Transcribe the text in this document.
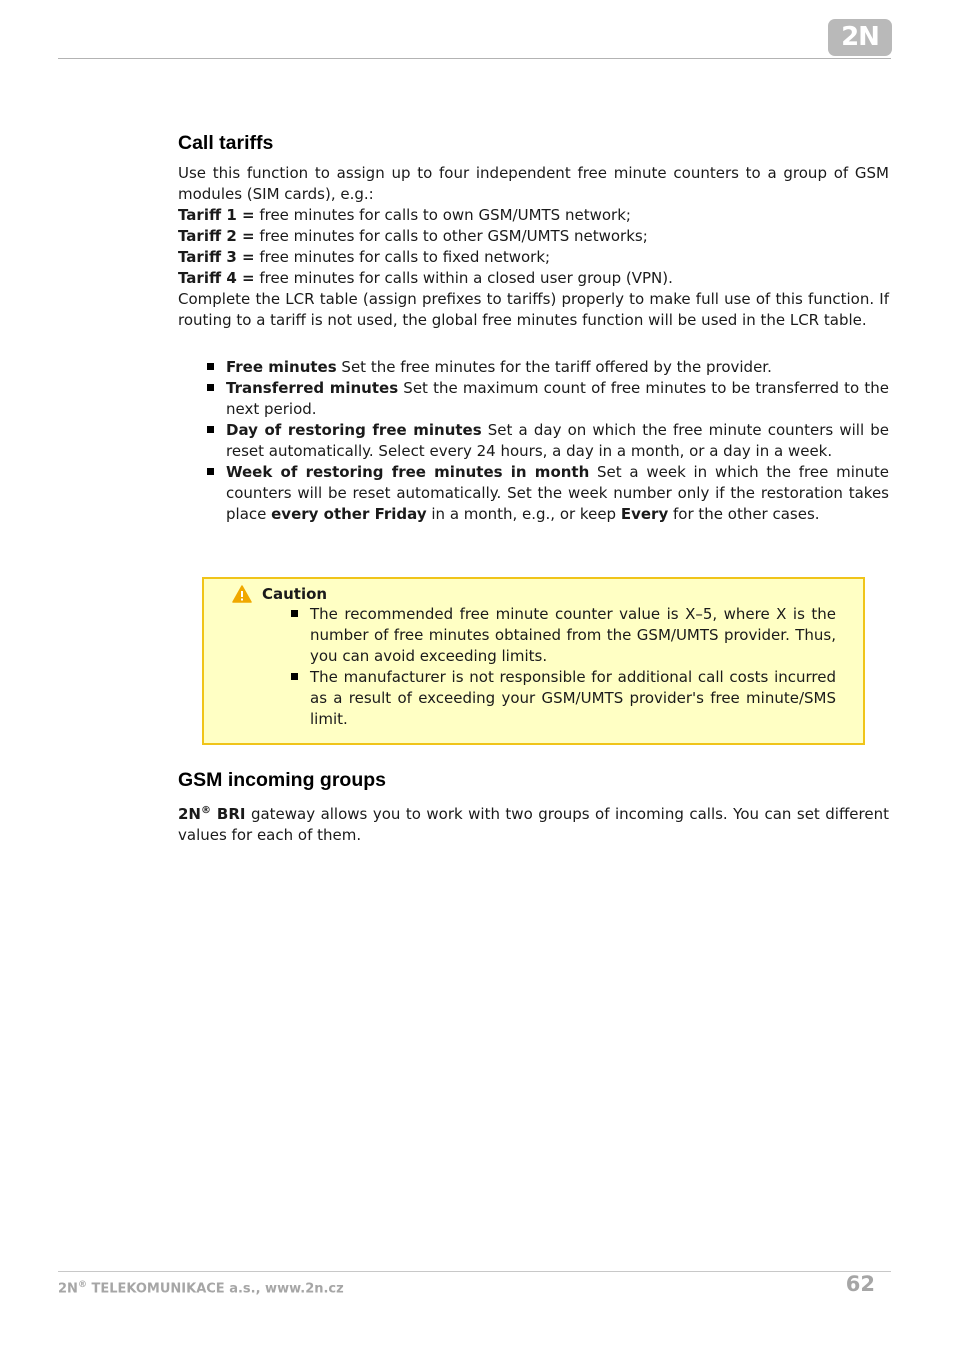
2N
Call tariffs

Use this function to assign up to four independent free minute counters to a group of GSM modules (SIM cards), e.g.:

Tariff 1 = free minutes for calls to own GSM/UMTS network;
Tariff 2 = free minutes for calls to other GSM/UMTS networks;
Tariff 3 = free minutes for calls to fixed network;
Tariff 4 = free minutes for calls within a closed user group (VPN).

Complete the LCR table (assign prefixes to tariffs) properly to make full use of this function. If routing to a tariff is not used, the global free minutes function will be used in the LCR table.

Free minutes Set the free minutes for the tariff offered by the provider.
Transferred minutes Set the maximum count of free minutes to be transferred to the next period.
Day of restoring free minutes Set a day on which the free minute counters will be reset automatically. Select every 24 hours, a day in a month, or a day in a week.
Week of restoring free minutes in month Set a week in which the free minute counters will be reset automatically. Set the week number only if the restoration takes place every other Friday in a month, e.g., or keep Every for the other cases.
GSM incoming groups

2N® BRI gateway allows you to work with two groups of incoming calls. You can set different values for each of them.

Caution
The recommended free minute counter value is X–5, where X is the number of free minutes obtained from the GSM/UMTS provider. Thus, you can avoid exceeding limits.
The manufacturer is not responsible for additional call costs incurred as a result of exceeding your GSM/UMTS provider's free minute/SMS limit.
2N® TELEKOMUNIKACE a.s., www.2n.cz	62
